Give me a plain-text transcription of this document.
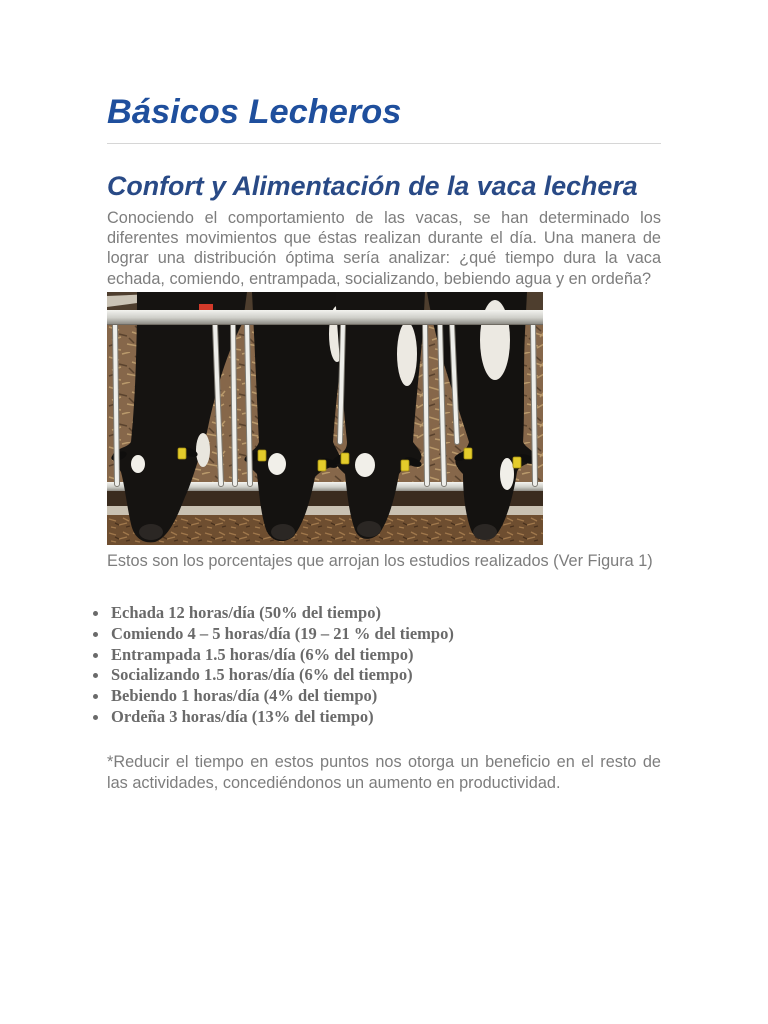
Básicos Lecheros
Confort y Alimentación de la vaca lechera

Conociendo el comportamiento de las vacas, se han determinado los diferentes movimientos que éstas realizan durante el día. Una manera de lograr una distribución óptima sería analizar: ¿qué tiempo dura la vaca echada, comiendo, entrampada, socializando, bebiendo agua y en ordeña?

Estos son los porcentajes que arrojan los estudios realizados (Ver Figura 1)

Echada 12 horas/día (50% del tiempo)
Comiendo 4 – 5 horas/día (19 – 21 % del tiempo)
Entrampada 1.5 horas/día (6% del tiempo)
Socializando 1.5 horas/día (6% del tiempo)
Bebiendo 1 horas/día (4% del tiempo)
Ordeña 3 horas/día (13% del tiempo)

*Reducir el tiempo en estos puntos nos otorga un beneficio en el resto de las actividades, concediéndonos un aumento en productividad.
